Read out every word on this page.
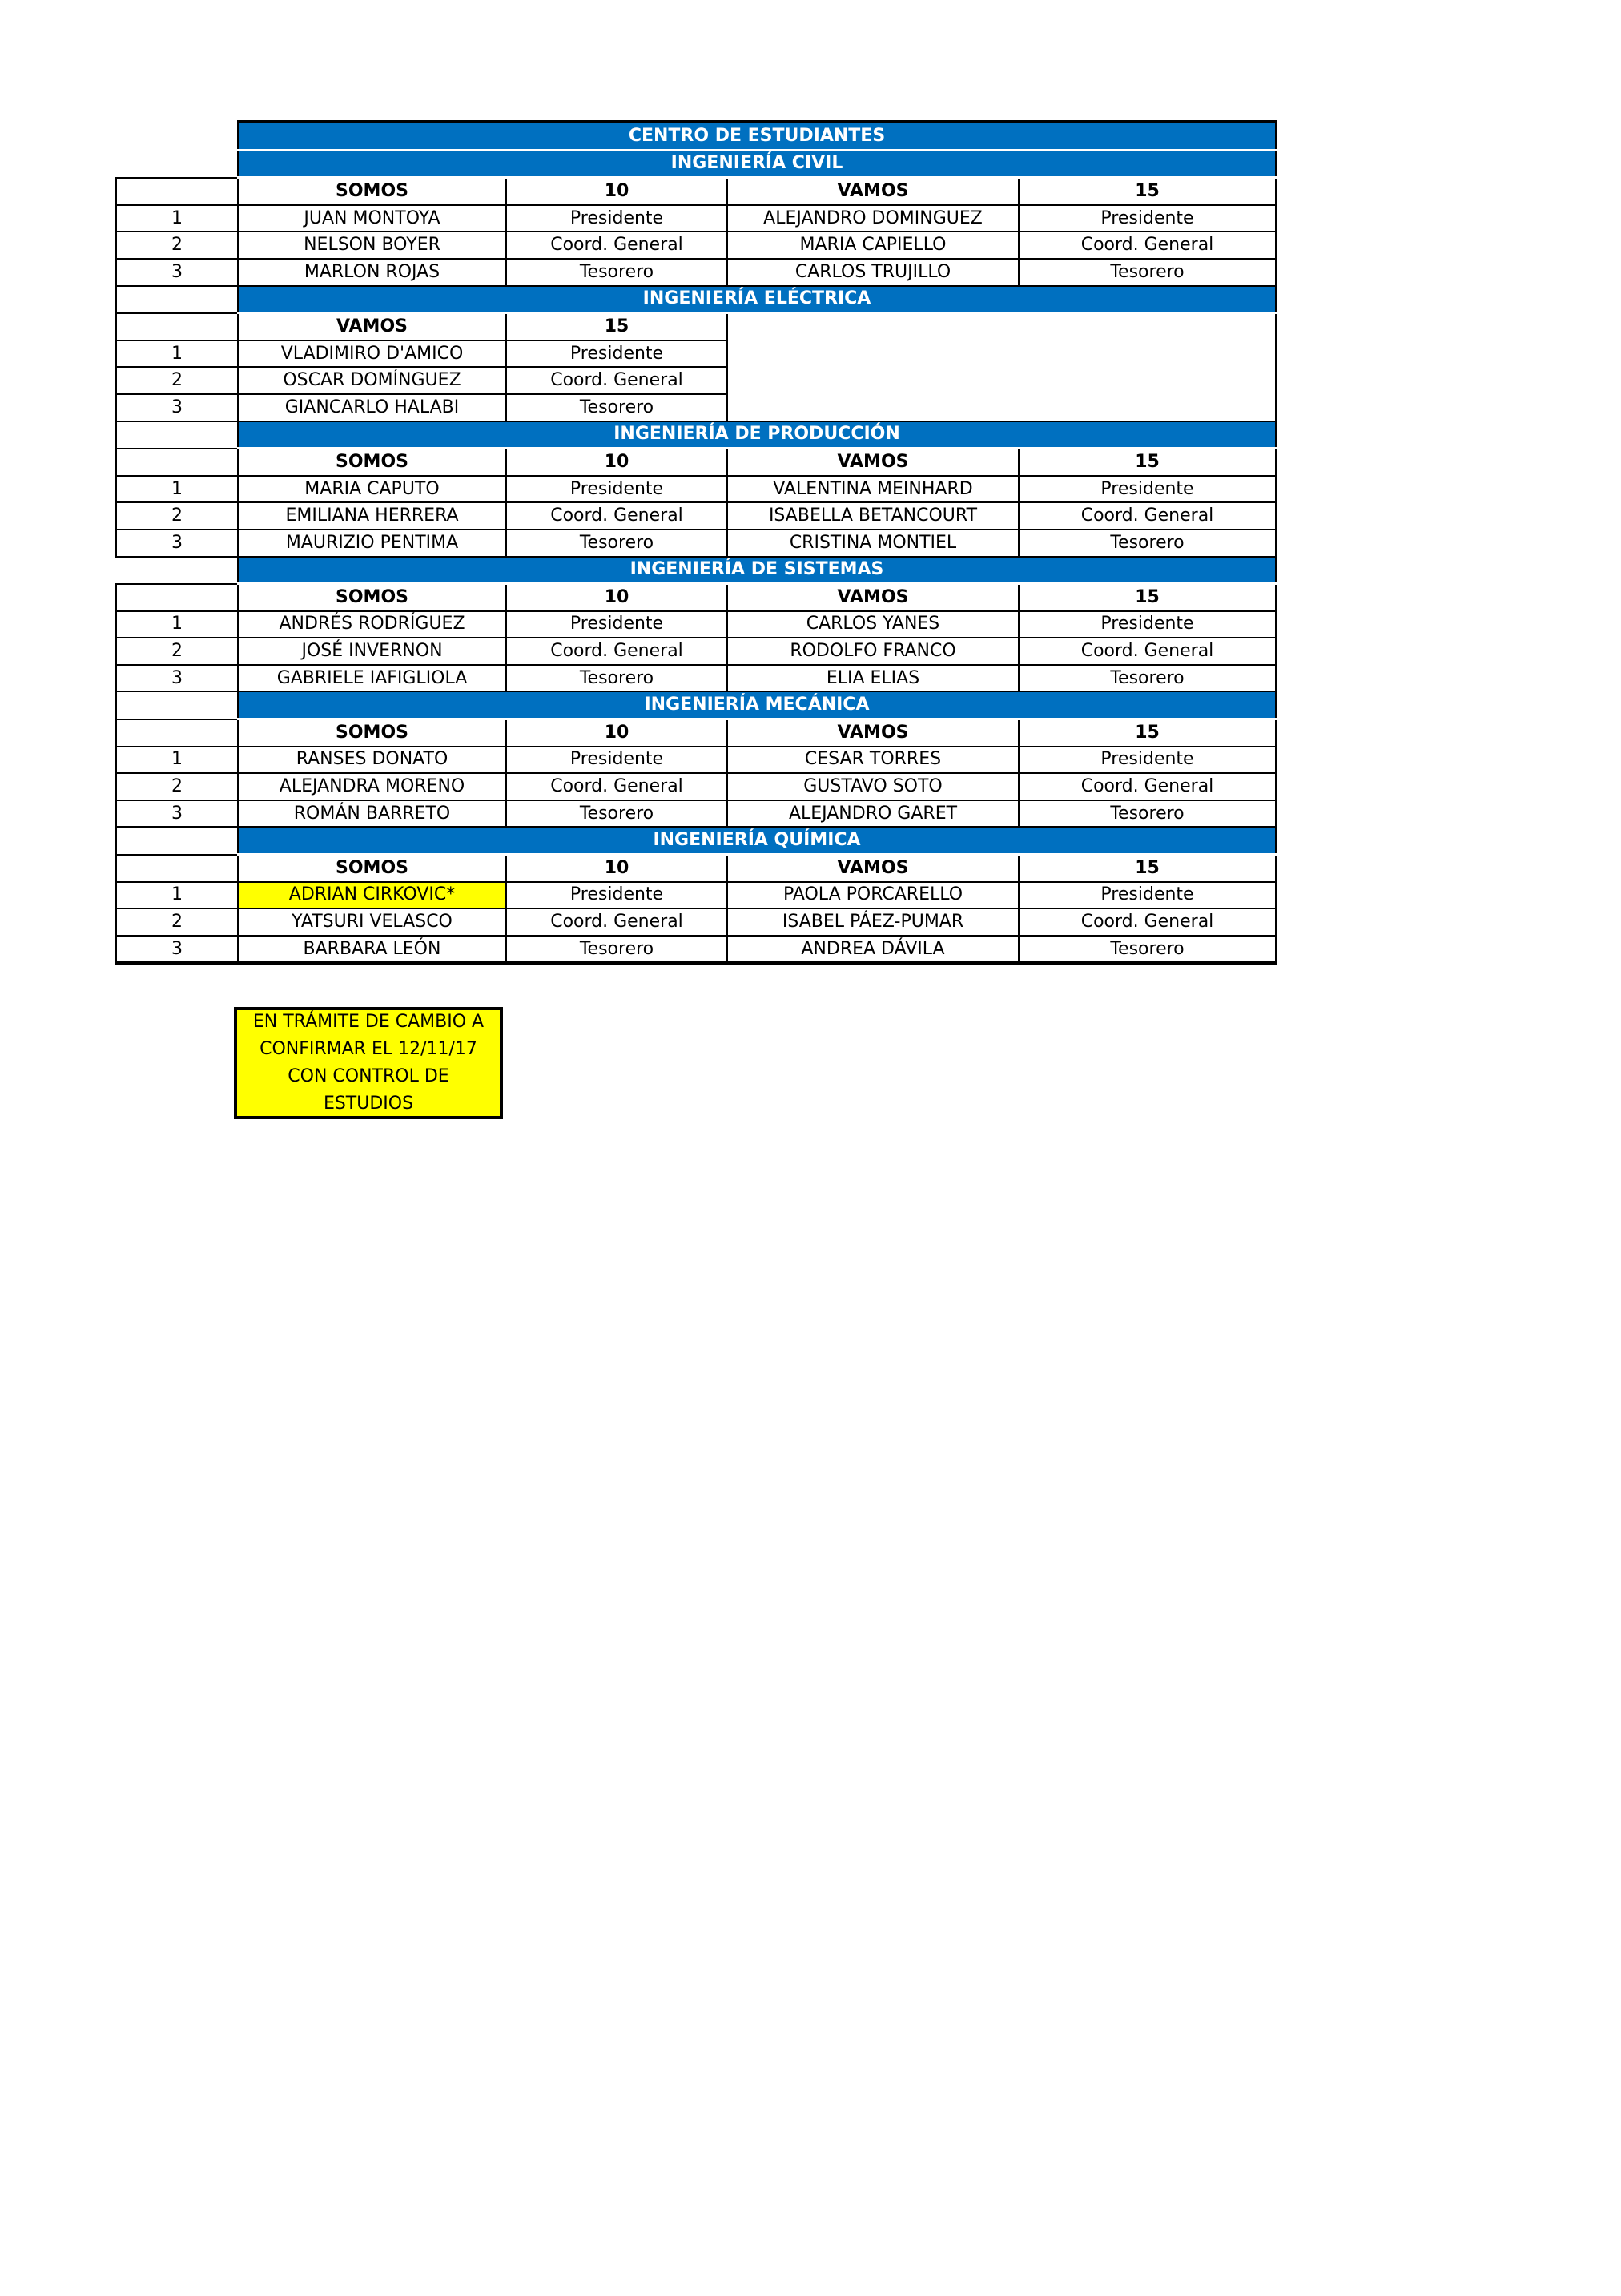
	CENTRO DE ESTUDIANTES			
	INGENIERÍA CIVIL			
	SOMOS	10	VAMOS	15
1	JUAN MONTOYA	Presidente	ALEJANDRO DOMINGUEZ	Presidente
2	NELSON BOYER	Coord. General	MARIA CAPIELLO	Coord. General
3	MARLON ROJAS	Tesorero	CARLOS TRUJILLO	Tesorero
	INGENIERÍA ELÉCTRICA			
	VAMOS	15		
1	VLADIMIRO D'AMICO	Presidente		
2	OSCAR DOMÍNGUEZ	Coord. General		
3	GIANCARLO HALABI	Tesorero		
	INGENIERÍA DE PRODUCCIÓN			
	SOMOS	10	VAMOS	15
1	MARIA CAPUTO	Presidente	VALENTINA MEINHARD	Presidente
2	EMILIANA HERRERA	Coord. General	ISABELLA BETANCOURT	Coord. General
3	MAURIZIO PENTIMA	Tesorero	CRISTINA MONTIEL	Tesorero
	INGENIERÍA DE SISTEMAS			
	SOMOS	10	VAMOS	15
1	ANDRÉS RODRÍGUEZ	Presidente	CARLOS YANES	Presidente
2	JOSÉ INVERNON	Coord. General	RODOLFO FRANCO	Coord. General
3	GABRIELE IAFIGLIOLA	Tesorero	ELIA ELIAS	Tesorero
	INGENIERÍA MECÁNICA			
	SOMOS	10	VAMOS	15
1	RANSES DONATO	Presidente	CESAR TORRES	Presidente
2	ALEJANDRA MORENO	Coord. General	GUSTAVO SOTO	Coord. General
3	ROMÁN BARRETO	Tesorero	ALEJANDRO GARET	Tesorero
	INGENIERÍA QUÍMICA			
	SOMOS	10	VAMOS	15
1	ADRIAN CIRKOVIC*	Presidente	PAOLA PORCARELLO	Presidente
2	YATSURI VELASCO	Coord. General	ISABEL PÁEZ-PUMAR	Coord. General
3	BARBARA LEÓN	Tesorero	ANDREA DÁVILA	Tesorero
EN TRÁMITE DE CAMBIO A CONFIRMAR EL 12/11/17 CON CONTROL DE ESTUDIOS
